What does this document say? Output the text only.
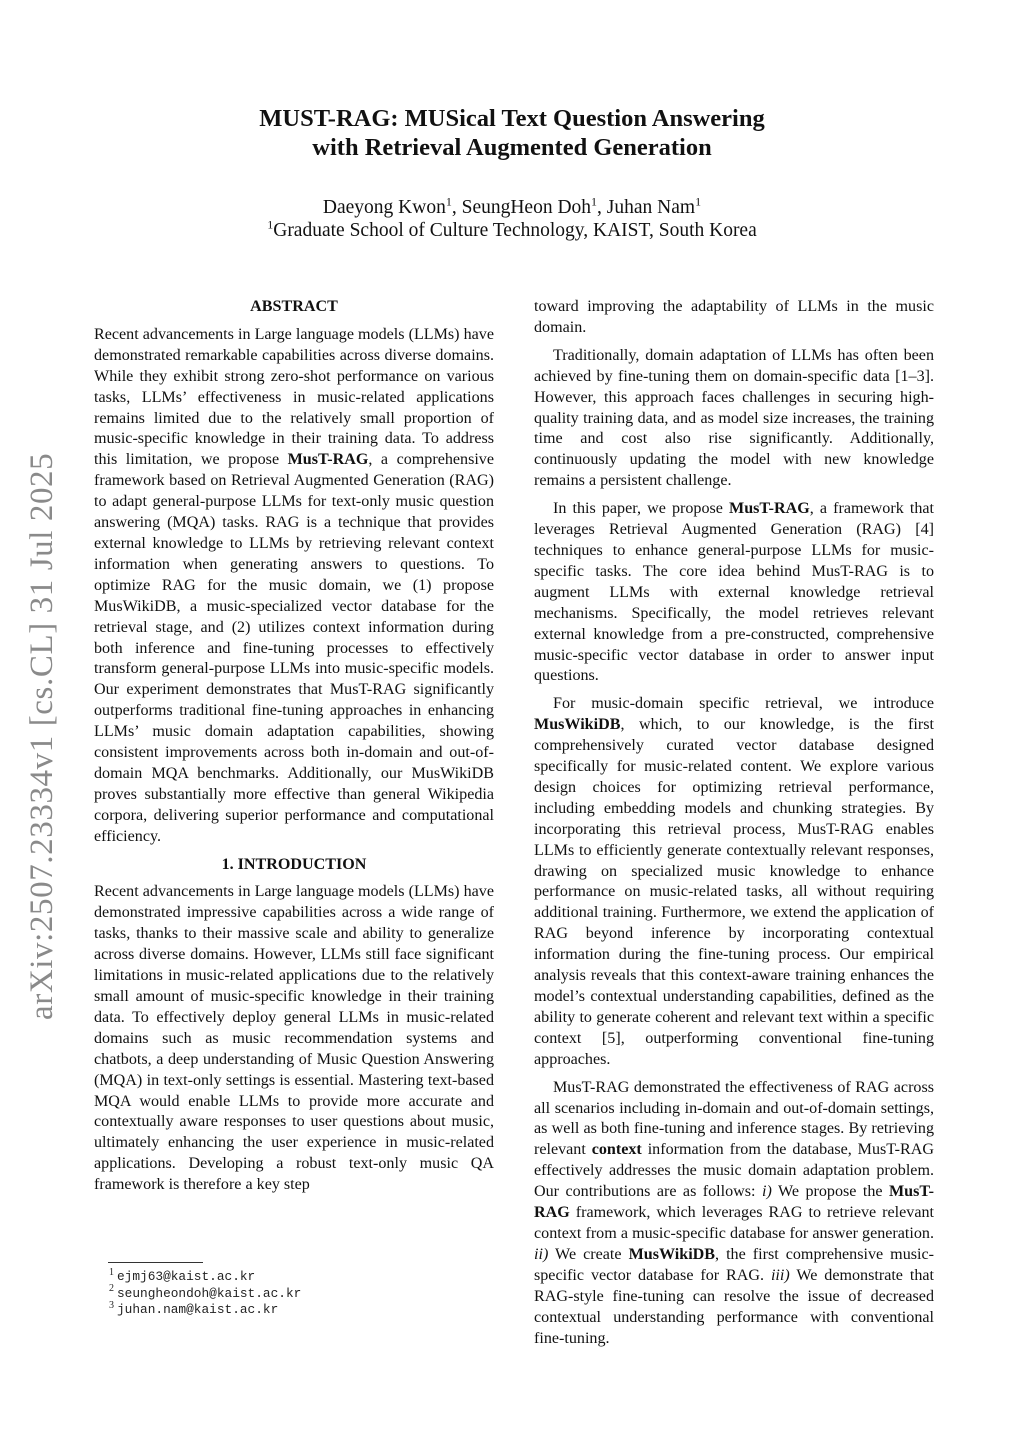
arXiv:2507.23334v1 [cs.CL] 31 Jul 2025
MUST-RAG: MUSical Text Question Answering
with Retrieval Augmented Generation
Daeyong Kwon$^1$, SeungHeon Doh$^1$, Juhan Nam$^1$
$^1$Graduate School of Culture Technology, KAIST, South Korea

ABSTRACT

Recent advancements in Large language models (LLMs) have demonstrated remarkable capabilities across diverse domains. While they exhibit strong zero-shot performance on various tasks, LLMs’ effectiveness in music-related applications remains limited due to the relatively small proportion of music-specific knowledge in their training data. To address this limitation, we propose MusT-RAG, a comprehensive framework based on Retrieval Augmented Generation (RAG) to adapt general-purpose LLMs for text-only music question answering (MQA) tasks. RAG is a technique that provides external knowledge to LLMs by retrieving relevant context information when generating answers to questions. To optimize RAG for the music domain, we (1) propose MusWikiDB, a music-specialized vector database for the retrieval stage, and (2) utilizes context information during both inference and fine-tuning processes to effectively transform general-purpose LLMs into music-specific models. Our experiment demonstrates that MusT-RAG significantly outperforms traditional fine-tuning approaches in enhancing LLMs’ music domain adaptation capabilities, showing consistent improvements across both in-domain and out-of-domain MQA benchmarks. Additionally, our MusWikiDB proves substantially more effective than general Wikipedia corpora, delivering superior performance and computational efficiency.

1. INTRODUCTION

Recent advancements in Large language models (LLMs) have demonstrated impressive capabilities across a wide range of tasks, thanks to their massive scale and ability to generalize across diverse domains. However, LLMs still face significant limitations in music-related applications due to the relatively small amount of music-specific knowledge in their training data. To effectively deploy general LLMs in music-related domains such as music recommendation systems and chatbots, a deep understanding of Music Question Answering (MQA) in text-only settings is essential. Mastering text-based MQA would enable LLMs to provide more accurate and contextually aware responses to user questions about music, ultimately enhancing the user experience in music-related applications. Developing a robust text-only music QA framework is therefore a key step

toward improving the adaptability of LLMs in the music domain.

Traditionally, domain adaptation of LLMs has often been achieved by fine-tuning them on domain-specific data [1–3]. However, this approach faces challenges in securing high-quality training data, and as model size increases, the training time and cost also rise significantly. Additionally, continuously updating the model with new knowledge remains a persistent challenge.

In this paper, we propose MusT-RAG, a framework that leverages Retrieval Augmented Generation (RAG) [4] techniques to enhance general-purpose LLMs for music-specific tasks. The core idea behind MusT-RAG is to augment LLMs with external knowledge retrieval mechanisms. Specifically, the model retrieves relevant external knowledge from a pre-constructed, comprehensive music-specific vector database in order to answer input questions.

For music-domain specific retrieval, we introduce MusWikiDB, which, to our knowledge, is the first comprehensively curated vector database designed specifically for music-related content. We explore various design choices for optimizing retrieval performance, including embedding models and chunking strategies. By incorporating this retrieval process, MusT-RAG enables LLMs to efficiently generate contextually relevant responses, drawing on specialized music knowledge to enhance performance on music-related tasks, all without requiring additional training. Furthermore, we extend the application of RAG beyond inference by incorporating contextual information during the fine-tuning process. Our empirical analysis reveals that this context-aware training enhances the model’s contextual understanding capabilities, defined as the ability to generate coherent and relevant text within a specific context [5], outperforming conventional fine-tuning approaches.

MusT-RAG demonstrated the effectiveness of RAG across all scenarios including in-domain and out-of-domain settings, as well as both fine-tuning and inference stages. By retrieving relevant context information from the database, MusT-RAG effectively addresses the music domain adaptation problem. Our contributions are as follows: i) We propose the MusT-RAG framework, which leverages RAG to retrieve relevant context from a music-specific database for answer generation. ii) We create MusWikiDB, the first comprehensive music-specific vector database for RAG. iii) We demonstrate that RAG-style fine-tuning can resolve the issue of decreased contextual understanding performance with conventional fine-tuning.

$^1$ ejmj63@kaist.ac.kr
$^2$ seungheondoh@kaist.ac.kr
$^3$ juhan.nam@kaist.ac.kr
